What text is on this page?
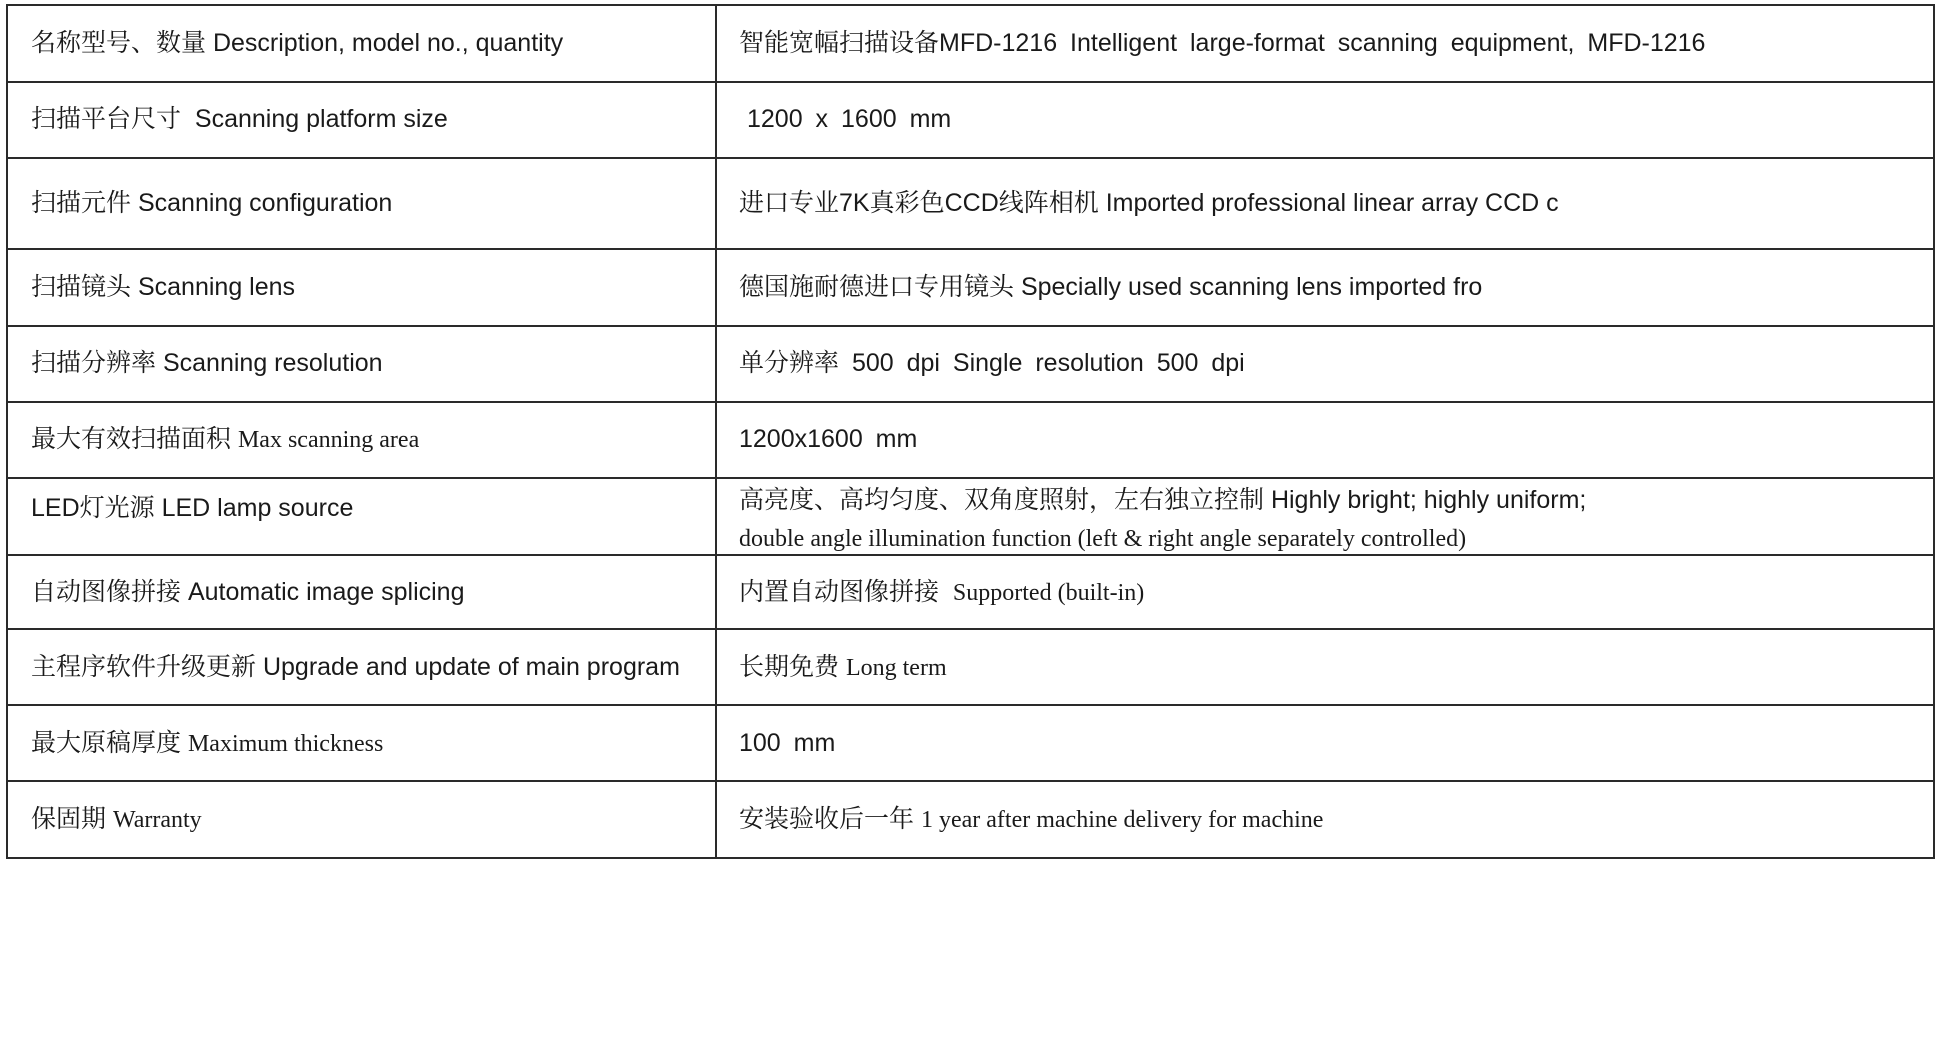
名称型号、数量 Description, model no., quantity	智能宽幅扫描设备MFD-1216 Intelligent large-format scanning equipment, MFD-1216
扫描平台尺寸 Scanning platform size	1200 x 1600 mm
扫描元件 Scanning configuration	进口专业7K真彩色CCD线阵相机 Imported professional linear array CCD c
扫描镜头 Scanning lens	德国施耐德进口专用镜头 Specially used scanning lens imported fro
扫描分辨率 Scanning resolution	单分辨率 500 dpi Single resolution 500 dpi
最大有效扫描面积 Max scanning area	1200x1600 mm
LED灯光源 LED lamp source	高亮度、高均匀度、双角度照射，左右独立控制 Highly bright; highly uniform;
double angle illumination function (left & right angle separately controlled)

自动图像拼接 Automatic image splicing	内置自动图像拼接 Supported (built-in)
主程序软件升级更新 Upgrade and update of main program	长期免费 Long term
最大原稿厚度 Maximum thickness	100 mm
保固期 Warranty	安装验收后一年 1 year after machine delivery for machine
